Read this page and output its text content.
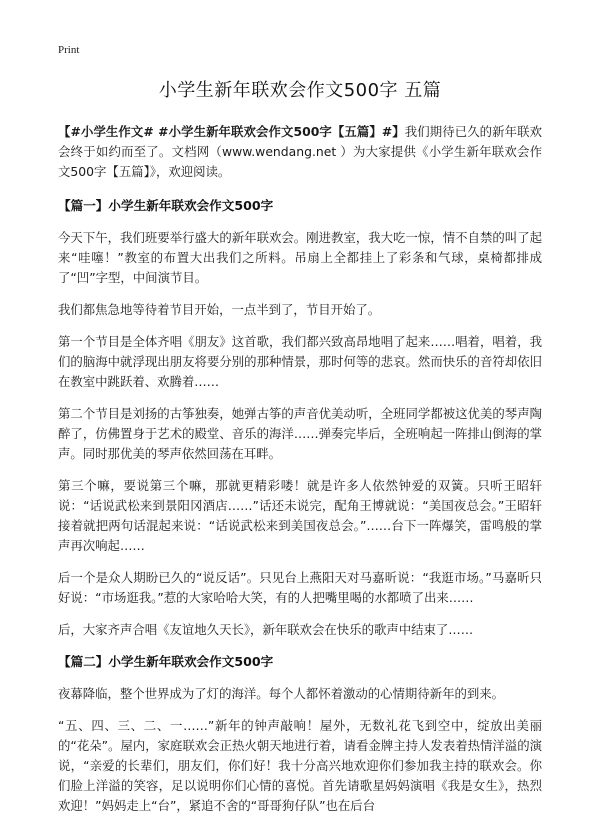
Print
小学生新年联欢会作文500字 五篇

【#小学生作文# #小学生新年联欢会作文500字【五篇】#】我们期待已久的新年联欢会终于如约而至了。文档网（www.wendang.net ）为大家提供《小学生新年联欢会作文500字【五篇】》，欢迎阅读。

【篇一】小学生新年联欢会作文500字

今天下午，我们班要举行盛大的新年联欢会。刚进教室，我大吃一惊，情不自禁的叫了起来“哇噻！”教室的布置大出我们之所料。吊扇上全都挂上了彩条和气球，桌椅都排成了“凹”字型，中间演节目。

我们都焦急地等待着节目开始，一点半到了，节目开始了。

第一个节目是全体齐唱《朋友》这首歌，我们都兴致高昂地唱了起来……唱着，唱着，我们的脑海中就浮现出朋友将要分别的那种情景，那时何等的悲哀。然而快乐的音符却依旧在教室中跳跃着、欢腾着……

第二个节目是刘扬的古筝独奏，她弹古筝的声音优美动听，全班同学都被这优美的琴声陶醉了，仿佛置身于艺术的殿堂、音乐的海洋……弹奏完毕后，全班响起一阵排山倒海的掌声。同时那优美的琴声依然回荡在耳畔。

第三个嘛，要说第三个嘛，那就更精彩喽！就是许多人依然钟爱的双簧。只听王昭轩说：“话说武松来到景阳冈酒店……”话还未说完，配角王博就说：“美国夜总会。”王昭轩接着就把两句话混起来说：“话说武松来到美国夜总会。”……台下一阵爆笑，雷鸣般的掌声再次响起……

后一个是众人期盼已久的“说反话”。只见台上燕阳天对马嘉昕说：“我逛市场。”马嘉昕只好说：“市场逛我。”惹的大家哈哈大笑，有的人把嘴里喝的水都喷了出来……

后，大家齐声合唱《友谊地久天长》，新年联欢会在快乐的歌声中结束了……

【篇二】小学生新年联欢会作文500字

夜幕降临，整个世界成为了灯的海洋。每个人都怀着激动的心情期待新年的到来。

“五、四、三、二、一……”新年的钟声敲响！屋外，无数礼花飞到空中，绽放出美丽的“花朵”。屋内，家庭联欢会正热火朝天地进行着，请看金牌主持人发表着热情洋溢的演说，“亲爱的长辈们，朋友们，你们好！我十分高兴地欢迎你们参加我主持的联欢会。你们脸上洋溢的笑容，足以说明你们心情的喜悦。首先请歌星妈妈演唱《我是女生》，热烈欢迎！”妈妈走上“台”，紧追不舍的“哥哥狗仔队”也在后台
